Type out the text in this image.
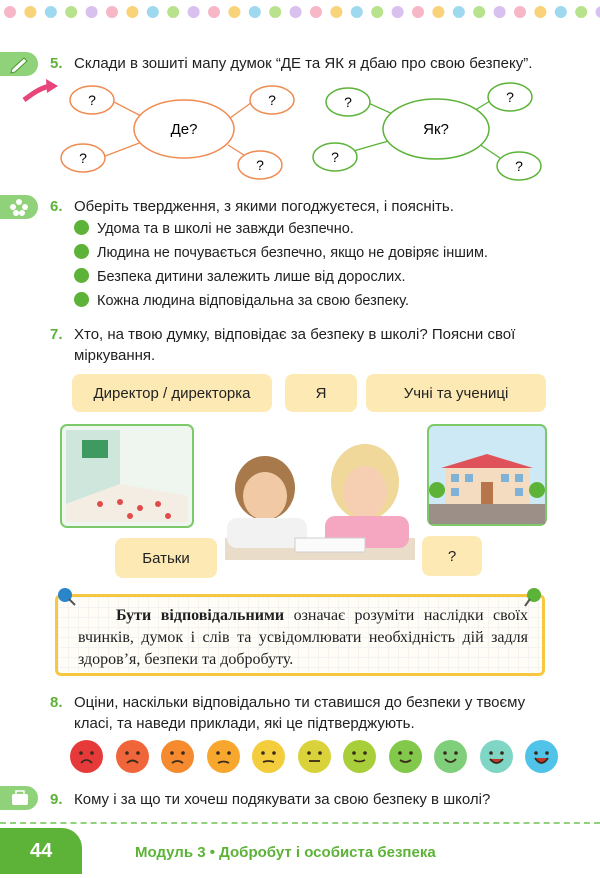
5. Склади в зошиті мапу думок “ДЕ та ЯК я дбаю про свою безпеку”.
Де?
?	?
?	?
Як?
?	?
?
?
6. Оберіть твердження, з якими погоджуєтеся, і поясніть.
Удома та в школі не завжди безпечно.
Людина не почувається безпечно, якщо не довіряє іншим.
Безпека дитини залежить лише від дорослих.
Кожна людина відповідальна за свою безпеку.
7. Хто, на твою думку, відповідає за безпеку в школі? Поясни свої
міркування.
Директор / директорка	Я	Учні та учениці
Батьки	?
Бути відповідальними означає розуміти наслідки своїх вчинків, думок і слів та усвідомлювати необхідність дій задля здоров’я, безпеки та добробуту.
8. Оціни, наскільки відповідально ти ставишся до безпеки у твоєму
класі, та наведи приклади, які це підтверджують.
9. Кому і за що ти хочеш подякувати за свою безпеку в школі?
44	Модуль 3 • Добробут і особиста безпека
